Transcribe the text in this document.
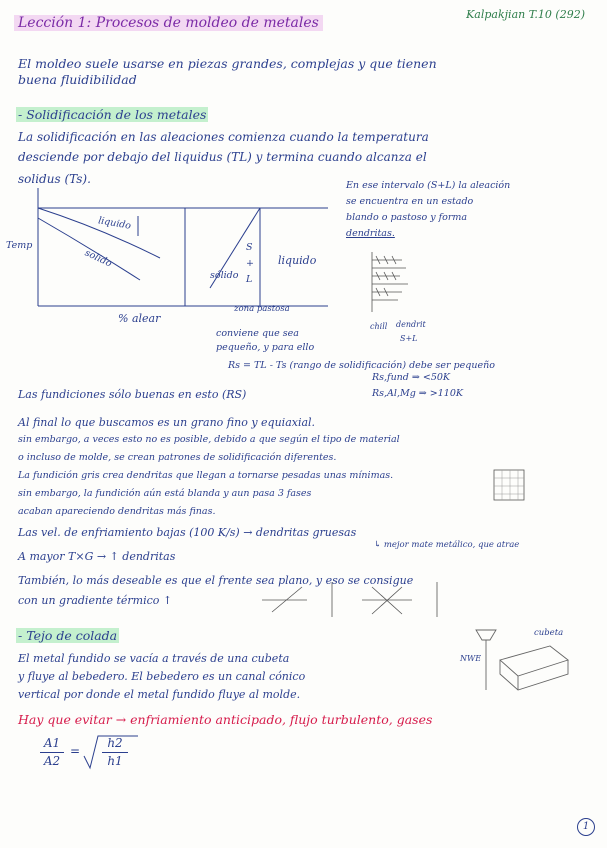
Lección 1: Procesos de moldeo de metales
Kalpakjian T.10 (292)
El moldeo suele usarse en piezas grandes, complejas y que tienen
buena fluidibilidad
- Solidificación de los metales
La solidificación en las aleaciones comienza cuando la temperatura
desciende por debajo del liquidus (TL) y termina cuando alcanza el
solidus (Ts).	En ese intervalo (S+L) la aleación
se encuentra en un estado
blando o pastoso y forma
dendritas.
Temp
liquido
solido
sólido
S
+
L
liquido
% alear
zona pastosa
chill dendrit
S+L
conviene que sea
pequeño, y para ello
Rs = TL - Ts (rango de solidificación) debe ser pequeño
Las fundiciones sólo buenas en esto (RS)
Rs,fund ⇒ <50K
Rs,Al,Mg ⇒ >110K
Al final lo que buscamos es un grano fino y equiaxial.
sin embargo, a veces esto no es posible, debido a que según el tipo de material
o incluso de molde, se crean patrones de solidificación diferentes.
La fundición gris crea dendritas que llegan a tornarse pesadas unas mínimas.
sin embargo, la fundición aún está blanda y aun pasa 3 fases
acaban apareciendo dendritas más finas.
Las vel. de enfriamiento bajas (100 K/s) → dendritas gruesas
↳ mejor mate metálico, que atrae
A mayor T×G → ↑ dendritas
También, lo más deseable es que el frente sea plano, y eso se consigue
con un gradiente térmico ↑
- Tejo de colada
El metal fundido se vacía a través de una cubeta
y fluye al bebedero. El bebedero es un canal cónico
vertical por donde el metal fundido fluye al molde.
cubeta
NWE
Hay que evitar → enfriamiento anticipado, flujo turbulento, gases
A1
A2
=
h2
h1
1
